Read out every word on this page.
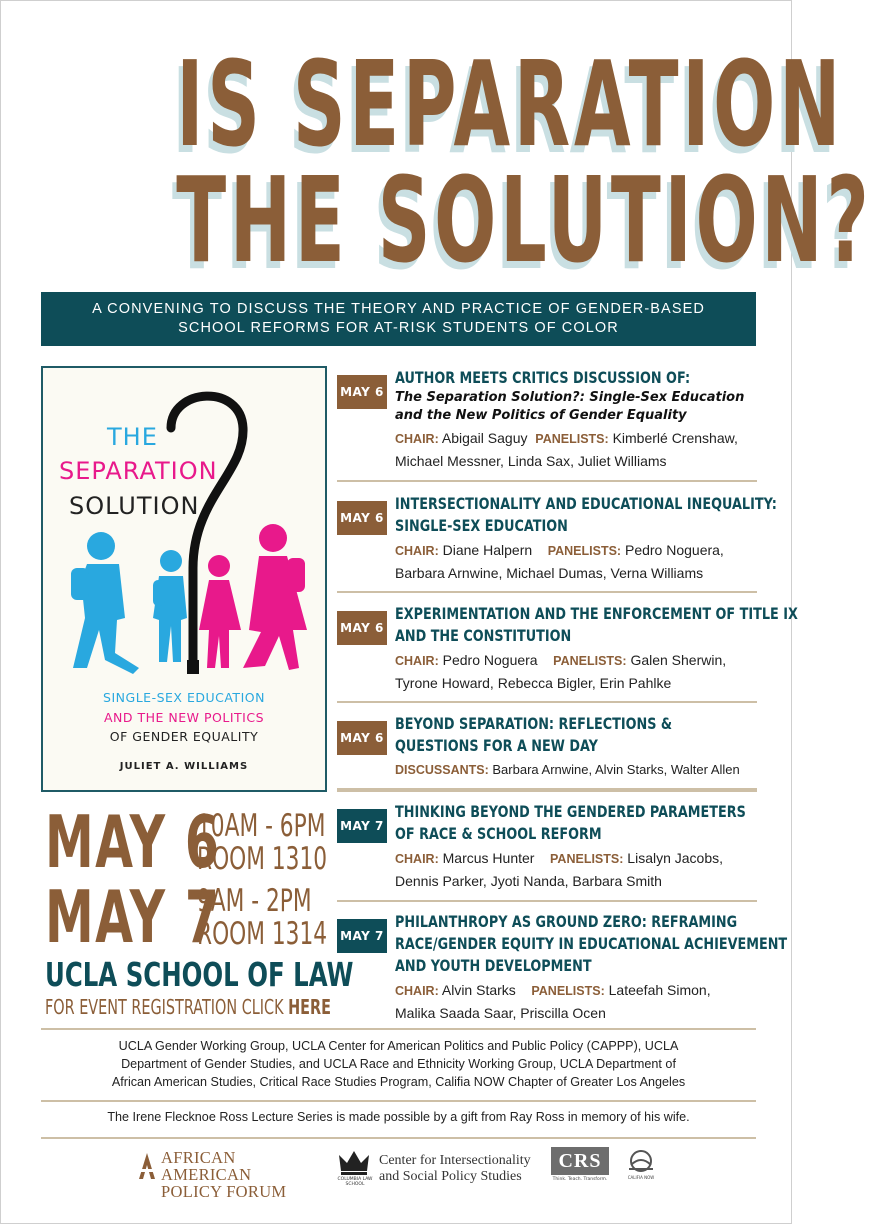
IS SEPARATION
THE SOLUTION?
A CONVENING TO DISCUSS THE THEORY AND PRACTICE OF GENDER-BASED
SCHOOL REFORMS FOR AT-RISK STUDENTS OF COLOR
THE
SEPARATION
SOLUTION
SINGLE-SEX EDUCATION
AND THE NEW POLITICS
OF GENDER EQUALITY
JULIET A. WILLIAMS
MAY 6
10AM - 6PM
ROOM 1310
MAY 7
9AM - 2PM
ROOM 1314
UCLA SCHOOL OF LAW
FOR EVENT REGISTRATION CLICK HERE
MAY 6
AUTHOR MEETS CRITICS DISCUSSION OF:
The Separation Solution?: Single-Sex Education
and the New Politics of Gender Equality
CHAIR: Abigail Saguy PANELISTS: Kimberlé Crenshaw,
Michael Messner, Linda Sax, Juliet Williams
MAY 6
INTERSECTIONALITY AND EDUCATIONAL INEQUALITY:
SINGLE-SEX EDUCATION
CHAIR: Diane Halpern PANELISTS: Pedro Noguera,
Barbara Arnwine, Michael Dumas, Verna Williams
MAY 6
EXPERIMENTATION AND THE ENFORCEMENT OF TITLE IX
AND THE CONSTITUTION
CHAIR: Pedro Noguera PANELISTS: Galen Sherwin,
Tyrone Howard, Rebecca Bigler, Erin Pahlke
MAY 6
BEYOND SEPARATION: REFLECTIONS &
QUESTIONS FOR A NEW DAY
DISCUSSANTS: Barbara Arnwine, Alvin Starks, Walter Allen
MAY 7
THINKING BEYOND THE GENDERED PARAMETERS
OF RACE & SCHOOL REFORM
CHAIR: Marcus Hunter PANELISTS: Lisalyn Jacobs,
Dennis Parker, Jyoti Nanda, Barbara Smith
MAY 7
PHILANTHROPY AS GROUND ZERO: REFRAMING
RACE/GENDER EQUITY IN EDUCATIONAL ACHIEVEMENT
AND YOUTH DEVELOPMENT
CHAIR: Alvin Starks PANELISTS: Lateefah Simon,
Malika Saada Saar, Priscilla Ocen
UCLA Gender Working Group, UCLA Center for American Politics and Public Policy (CAPPP), UCLA
Department of Gender Studies, and UCLA Race and Ethnicity Working Group, UCLA Department of
African American Studies, Critical Race Studies Program, Califia NOW Chapter of Greater Los Angeles
The Irene Flecknoe Ross Lecture Series is made possible by a gift from Ray Ross in memory of his wife.
AFRICAN AMERICAN
POLICY FORUM
COLUMBIA LAW SCHOOL
Center for Intersectionality
and Social Policy Studies
CRS
Think. Teach. Transform.	CALIFIA NOW
